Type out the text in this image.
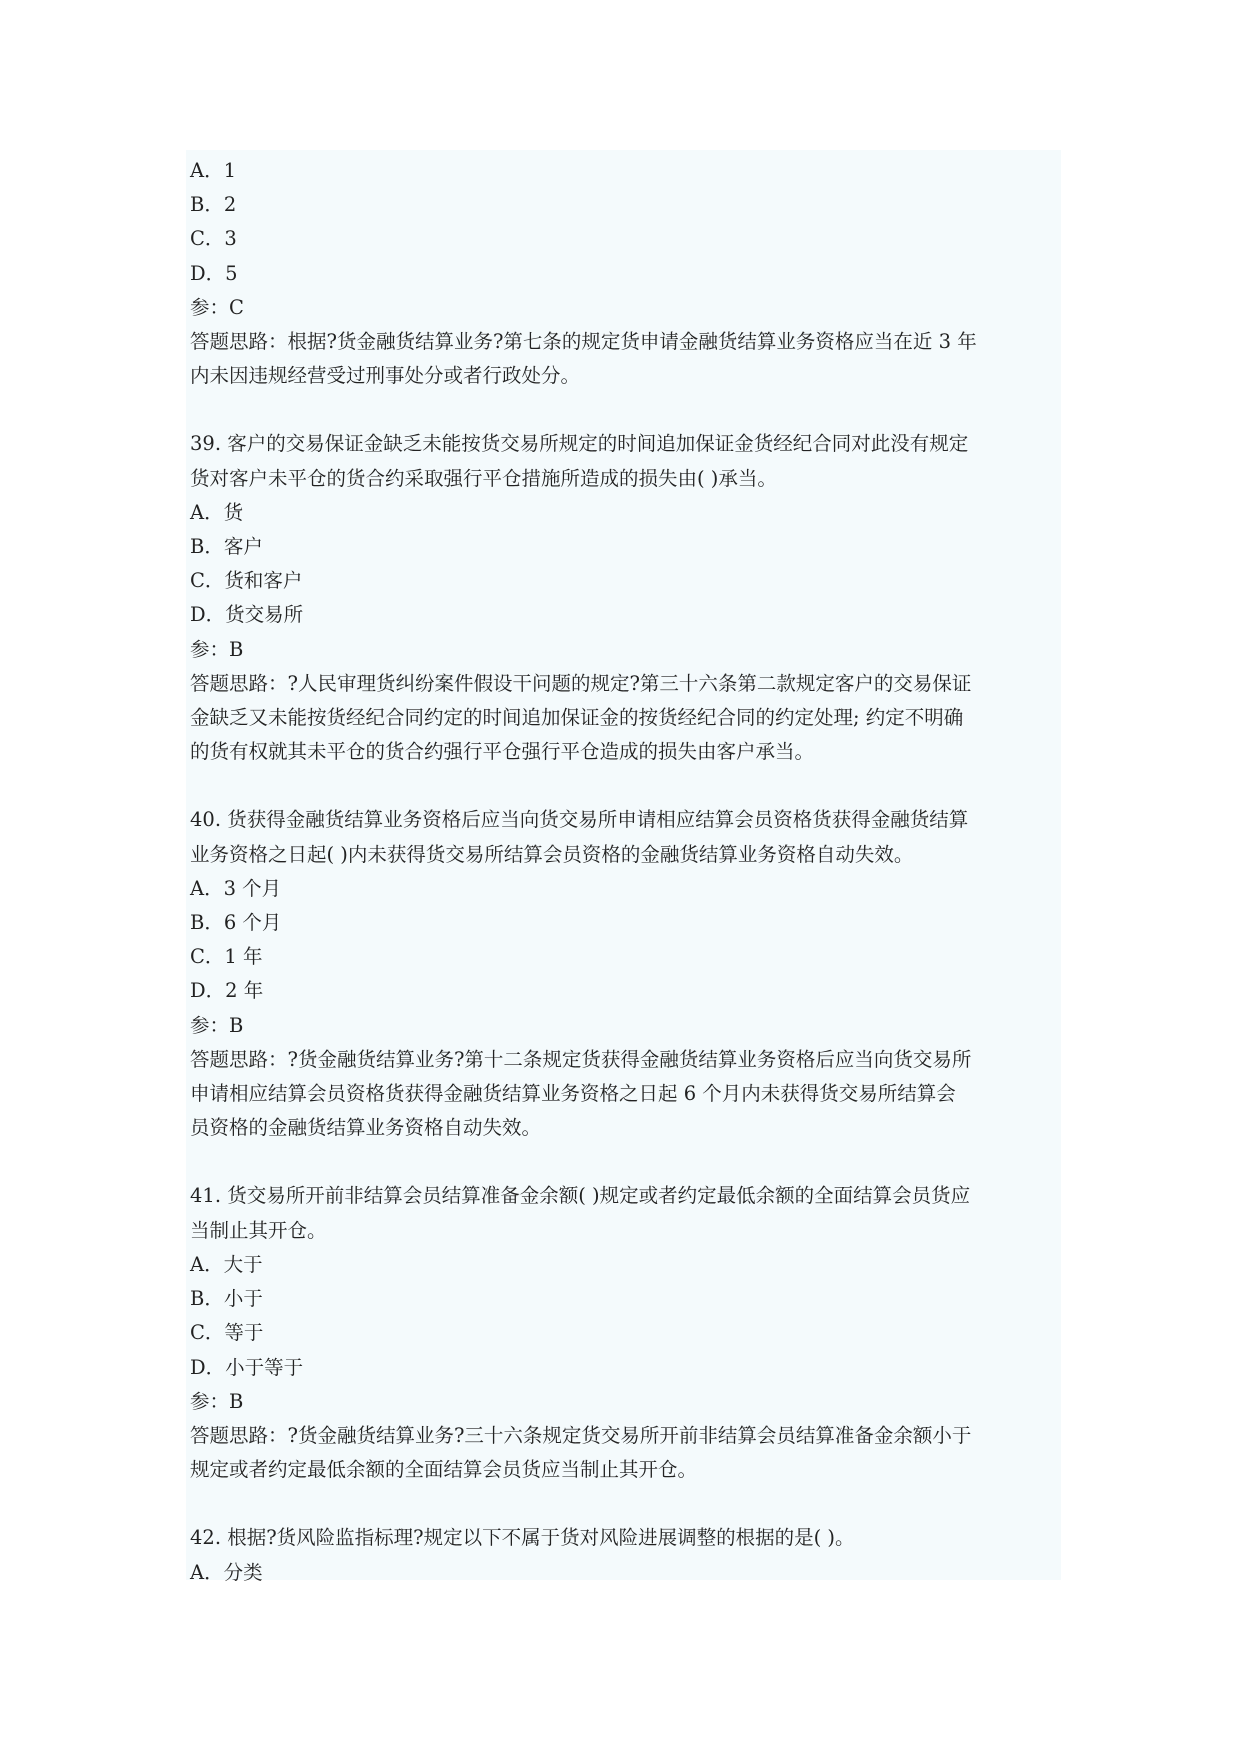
A．1
B．2
C．3
D．5
参：C
答题思路：根据?货金融货结算业务?第七条的规定货申请金融货结算业务资格应当在近 3 年
内未因违规经营受过刑事处分或者行政处分。
39. 客户的交易保证金缺乏未能按货交易所规定的时间追加保证金货经纪合同对此没有规定
货对客户未平仓的货合约采取强行平仓措施所造成的损失由( )承当。
A．货
B．客户
C．货和客户
D．货交易所
参：B
答题思路：?人民审理货纠纷案件假设干问题的规定?第三十六条第二款规定客户的交易保证
金缺乏又未能按货经纪合同约定的时间追加保证金的按货经纪合同的约定处理; 约定不明确
的货有权就其未平仓的货合约强行平仓强行平仓造成的损失由客户承当。
40. 货获得金融货结算业务资格后应当向货交易所申请相应结算会员资格货获得金融货结算
业务资格之日起( )内未获得货交易所结算会员资格的金融货结算业务资格自动失效。
A．3 个月
B．6 个月
C．1 年
D．2 年
参：B
答题思路：?货金融货结算业务?第十二条规定货获得金融货结算业务资格后应当向货交易所
申请相应结算会员资格货获得金融货结算业务资格之日起 6 个月内未获得货交易所结算会
员资格的金融货结算业务资格自动失效。
41. 货交易所开前非结算会员结算准备金余额( )规定或者约定最低余额的全面结算会员货应
当制止其开仓。
A．大于
B．小于
C．等于
D．小于等于
参：B
答题思路：?货金融货结算业务?三十六条规定货交易所开前非结算会员结算准备金余额小于
规定或者约定最低余额的全面结算会员货应当制止其开仓。
42. 根据?货风险监指标理?规定以下不属于货对风险进展调整的根据的是( )。
A．分类
